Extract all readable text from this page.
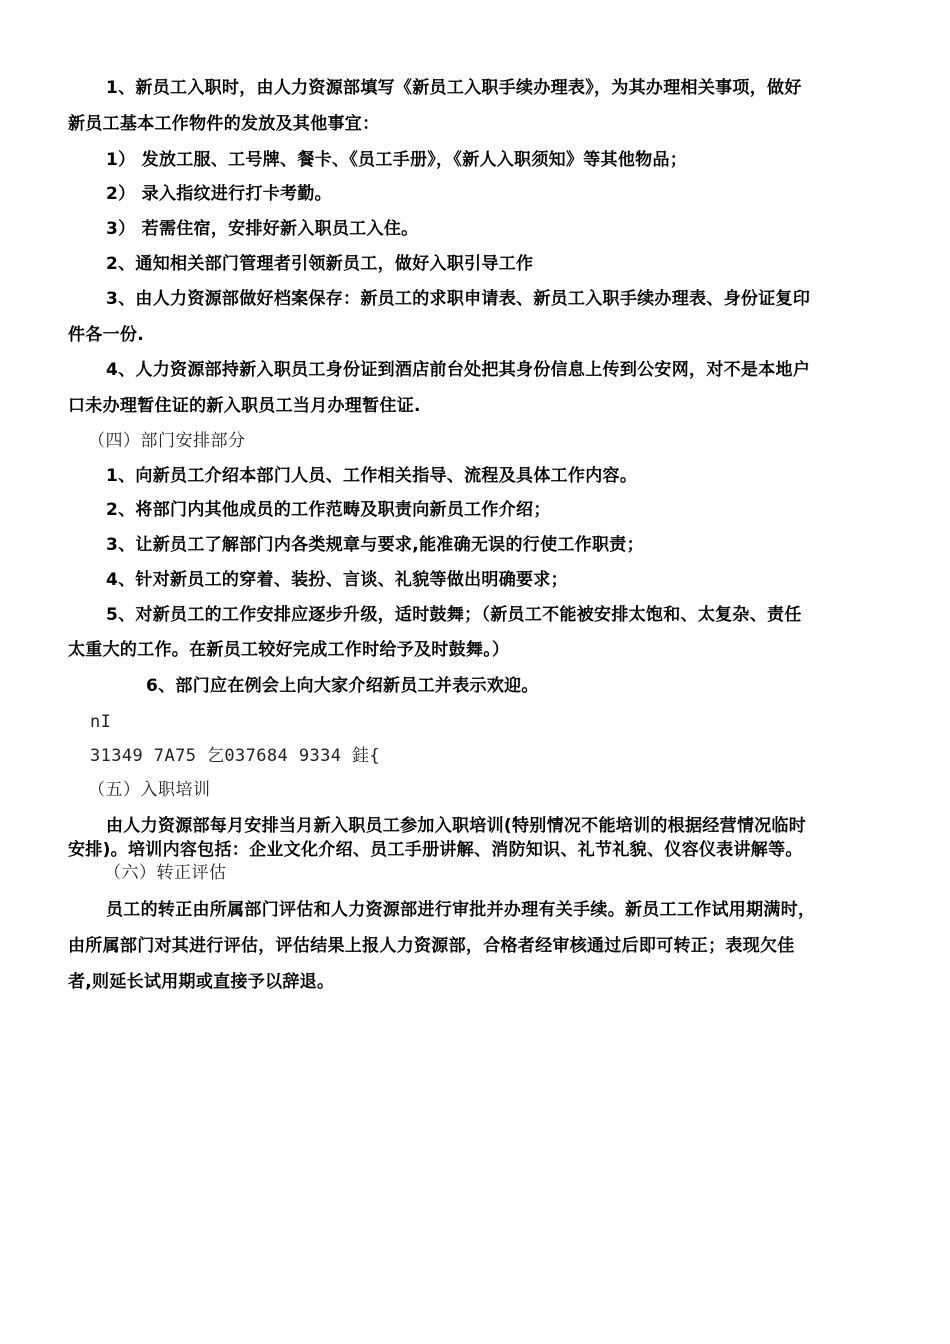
1、新员工入职时，由人力资源部填写《新员工入职手续办理表》，为其办理相关事项，做好
新员工基本工作物件的发放及其他事宜：
1） 发放工服、工号牌、餐卡、《员工手册》，《新人入职须知》等其他物品；
2） 录入指纹进行打卡考勤。
3） 若需住宿，安排好新入职员工入住。
2、通知相关部门管理者引领新员工，做好入职引导工作
3、由人力资源部做好档案保存：新员工的求职申请表、新员工入职手续办理表、身份证复印
件各一份.
4、人力资源部持新入职员工身份证到酒店前台处把其身份信息上传到公安网，对不是本地户
口未办理暂住证的新入职员工当月办理暂住证.
（四）部门安排部分
1、向新员工介绍本部门人员、工作相关指导、流程及具体工作内容。
2、将部门内其他成员的工作范畴及职责向新员工作介绍；
3、让新员工了解部门内各类规章与要求,能准确无误的行使工作职责；
4、针对新员工的穿着、装扮、言谈、礼貌等做出明确要求；
5、对新员工的工作安排应逐步升级，适时鼓舞；（新员工不能被安排太饱和、太复杂、责任
太重大的工作。在新员工较好完成工作时给予及时鼓舞。）
6、部门应在例会上向大家介绍新员工并表示欢迎。
nI
31349 7A75 乞037684 9334 銈{
（五）入职培训
由人力资源部每月安排当月新入职员工参加入职培训(特别情况不能培训的根据经营情况临时
安排)。培训内容包括：企业文化介绍、员工手册讲解、消防知识、礼节礼貌、仪容仪表讲解等。
（六）转正评估
员工的转正由所属部门评估和人力资源部进行审批并办理有关手续。新员工工作试用期满时，
由所属部门对其进行评估，评估结果上报人力资源部，合格者经审核通过后即可转正；表现欠佳
者,则延长试用期或直接予以辞退。
